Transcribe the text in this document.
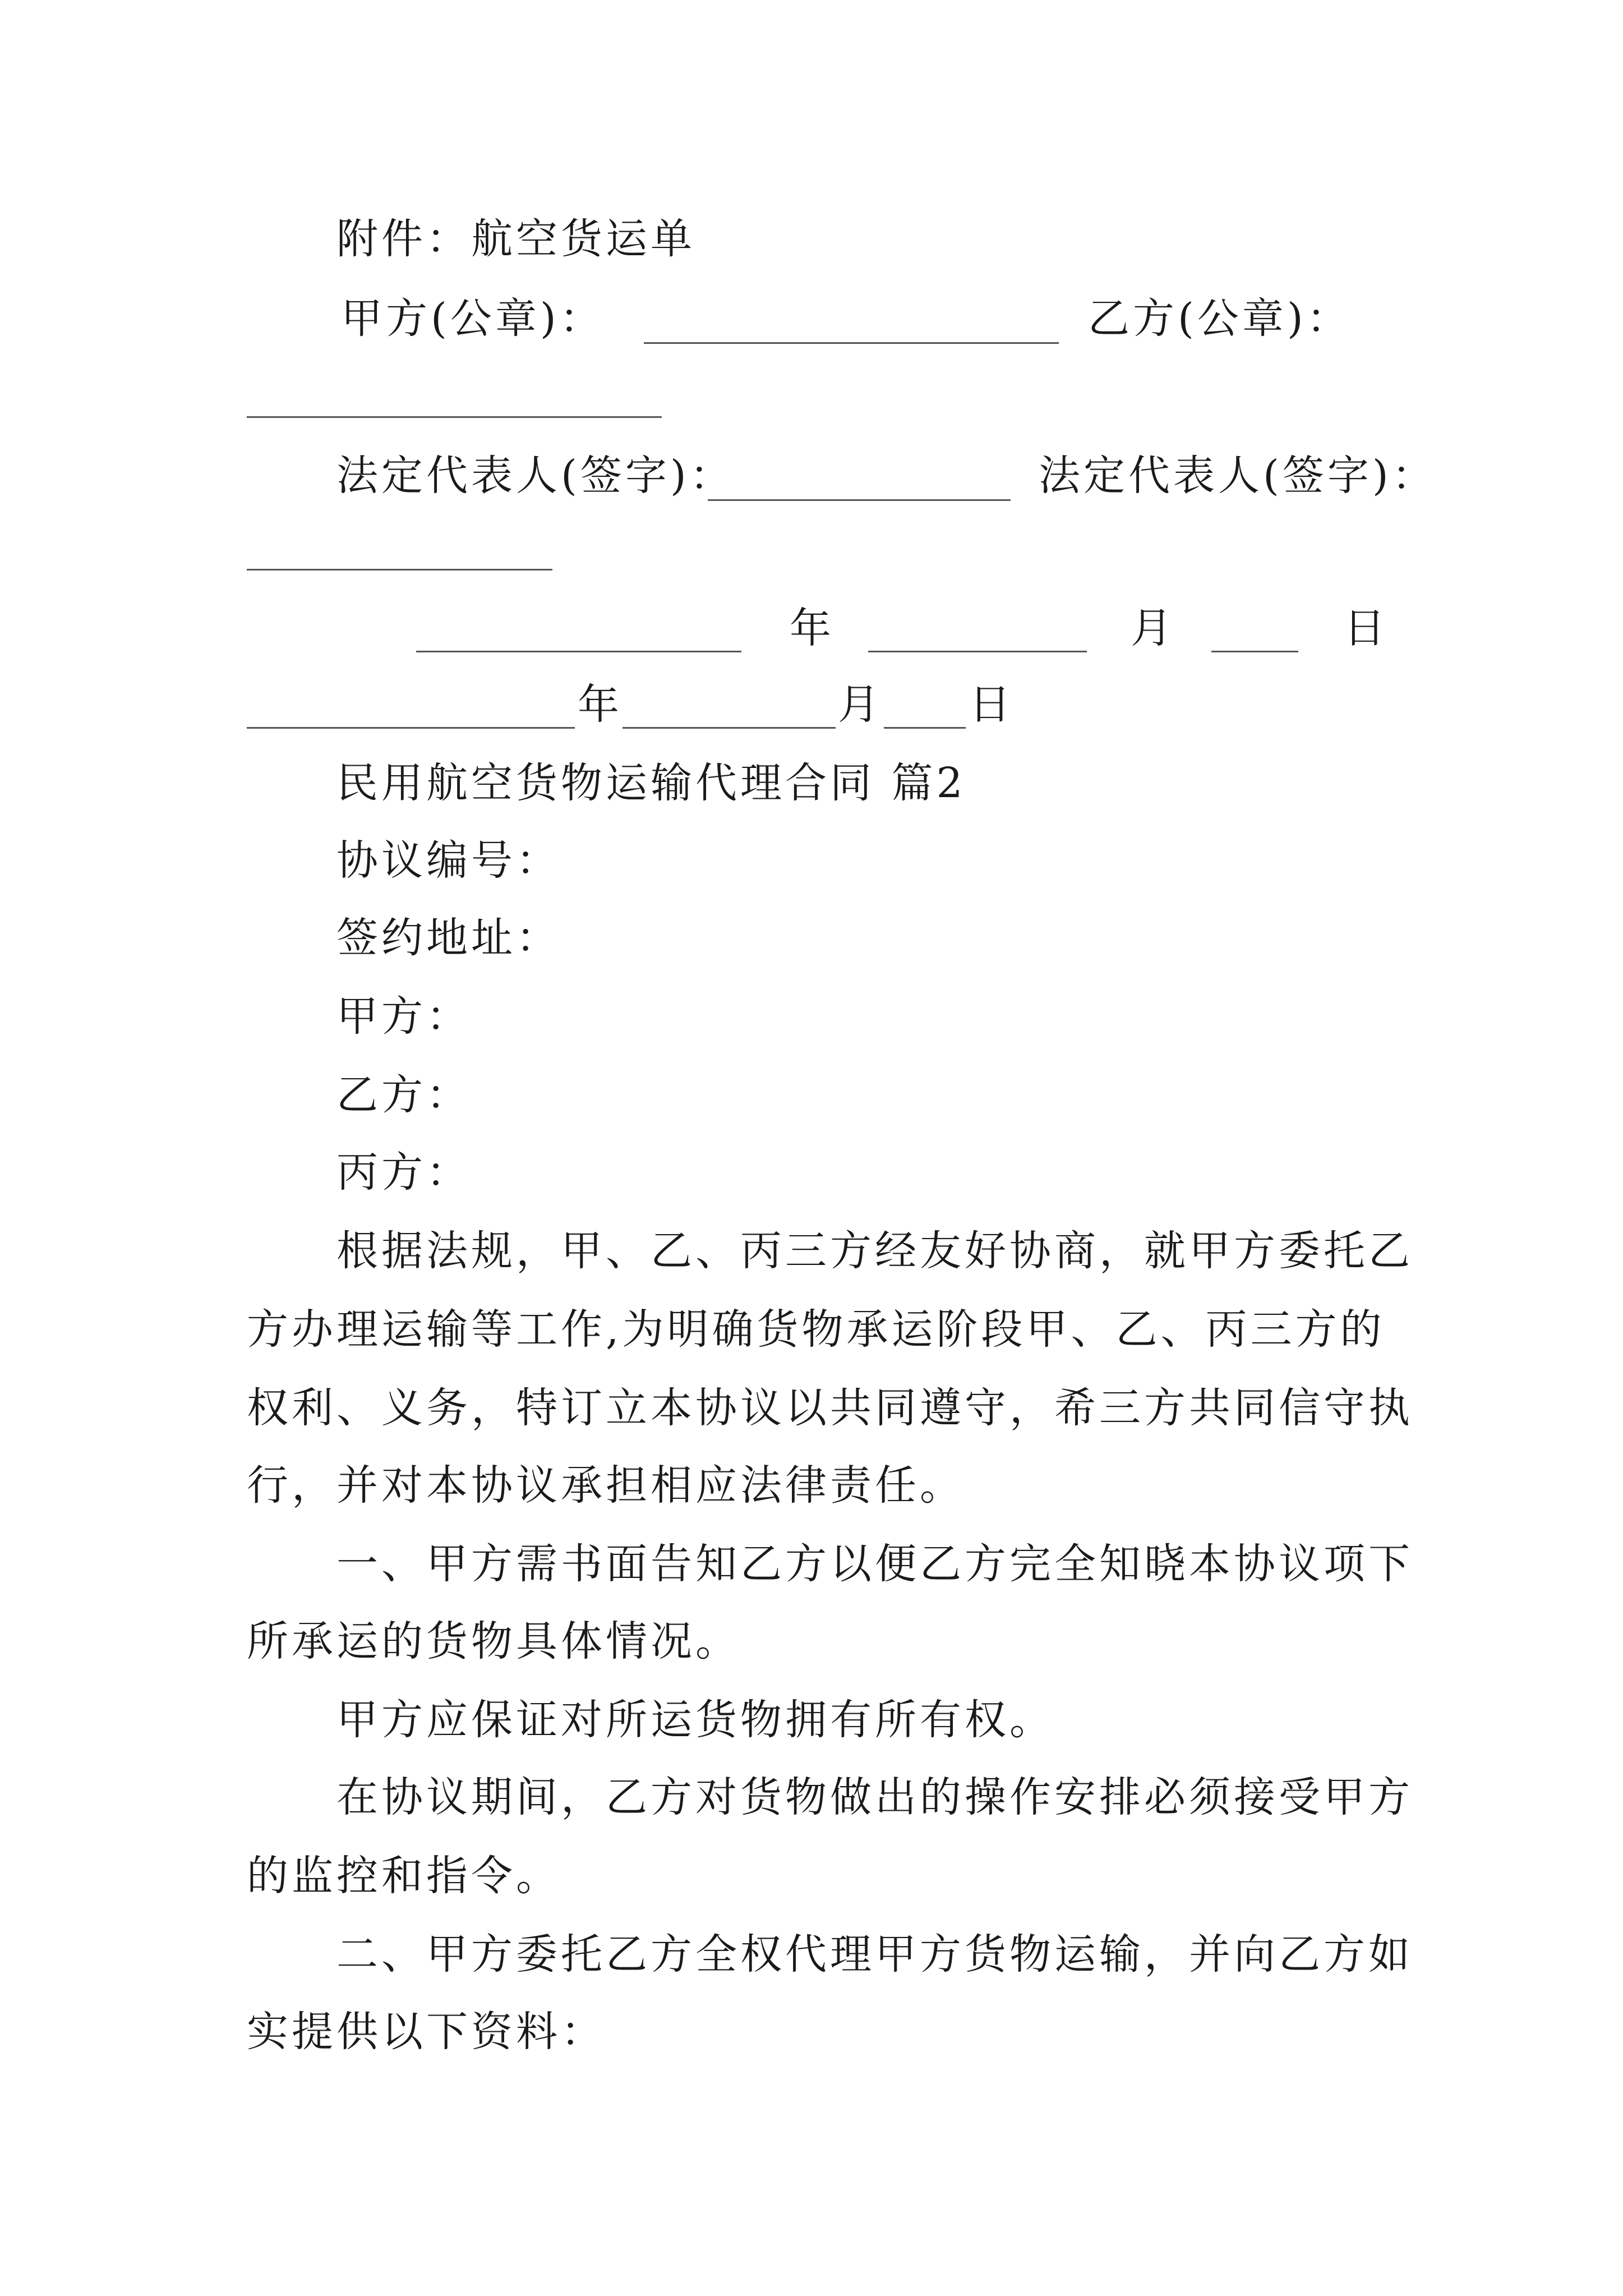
附件：航空货运单
甲方(公章)：	乙方(公章)：
法定代表人(签字)：	法定代表人(签字)：
年	月	日
年	月 日
民用航空货物运输代理合同 篇2
协议编号：
签约地址：
甲方：
乙方：
丙方：
根据法规，甲、乙、丙三方经友好协商，就甲方委托乙
方办理运输等工作,为明确货物承运阶段甲、乙、丙三方的
权利、义务，特订立本协议以共同遵守，希三方共同信守执
行，并对本协议承担相应法律责任。
一、甲方需书面告知乙方以便乙方完全知晓本协议项下
所承运的货物具体情况。
甲方应保证对所运货物拥有所有权。
在协议期间，乙方对货物做出的操作安排必须接受甲方
的监控和指令。
二、甲方委托乙方全权代理甲方货物运输，并向乙方如
实提供以下资料：
